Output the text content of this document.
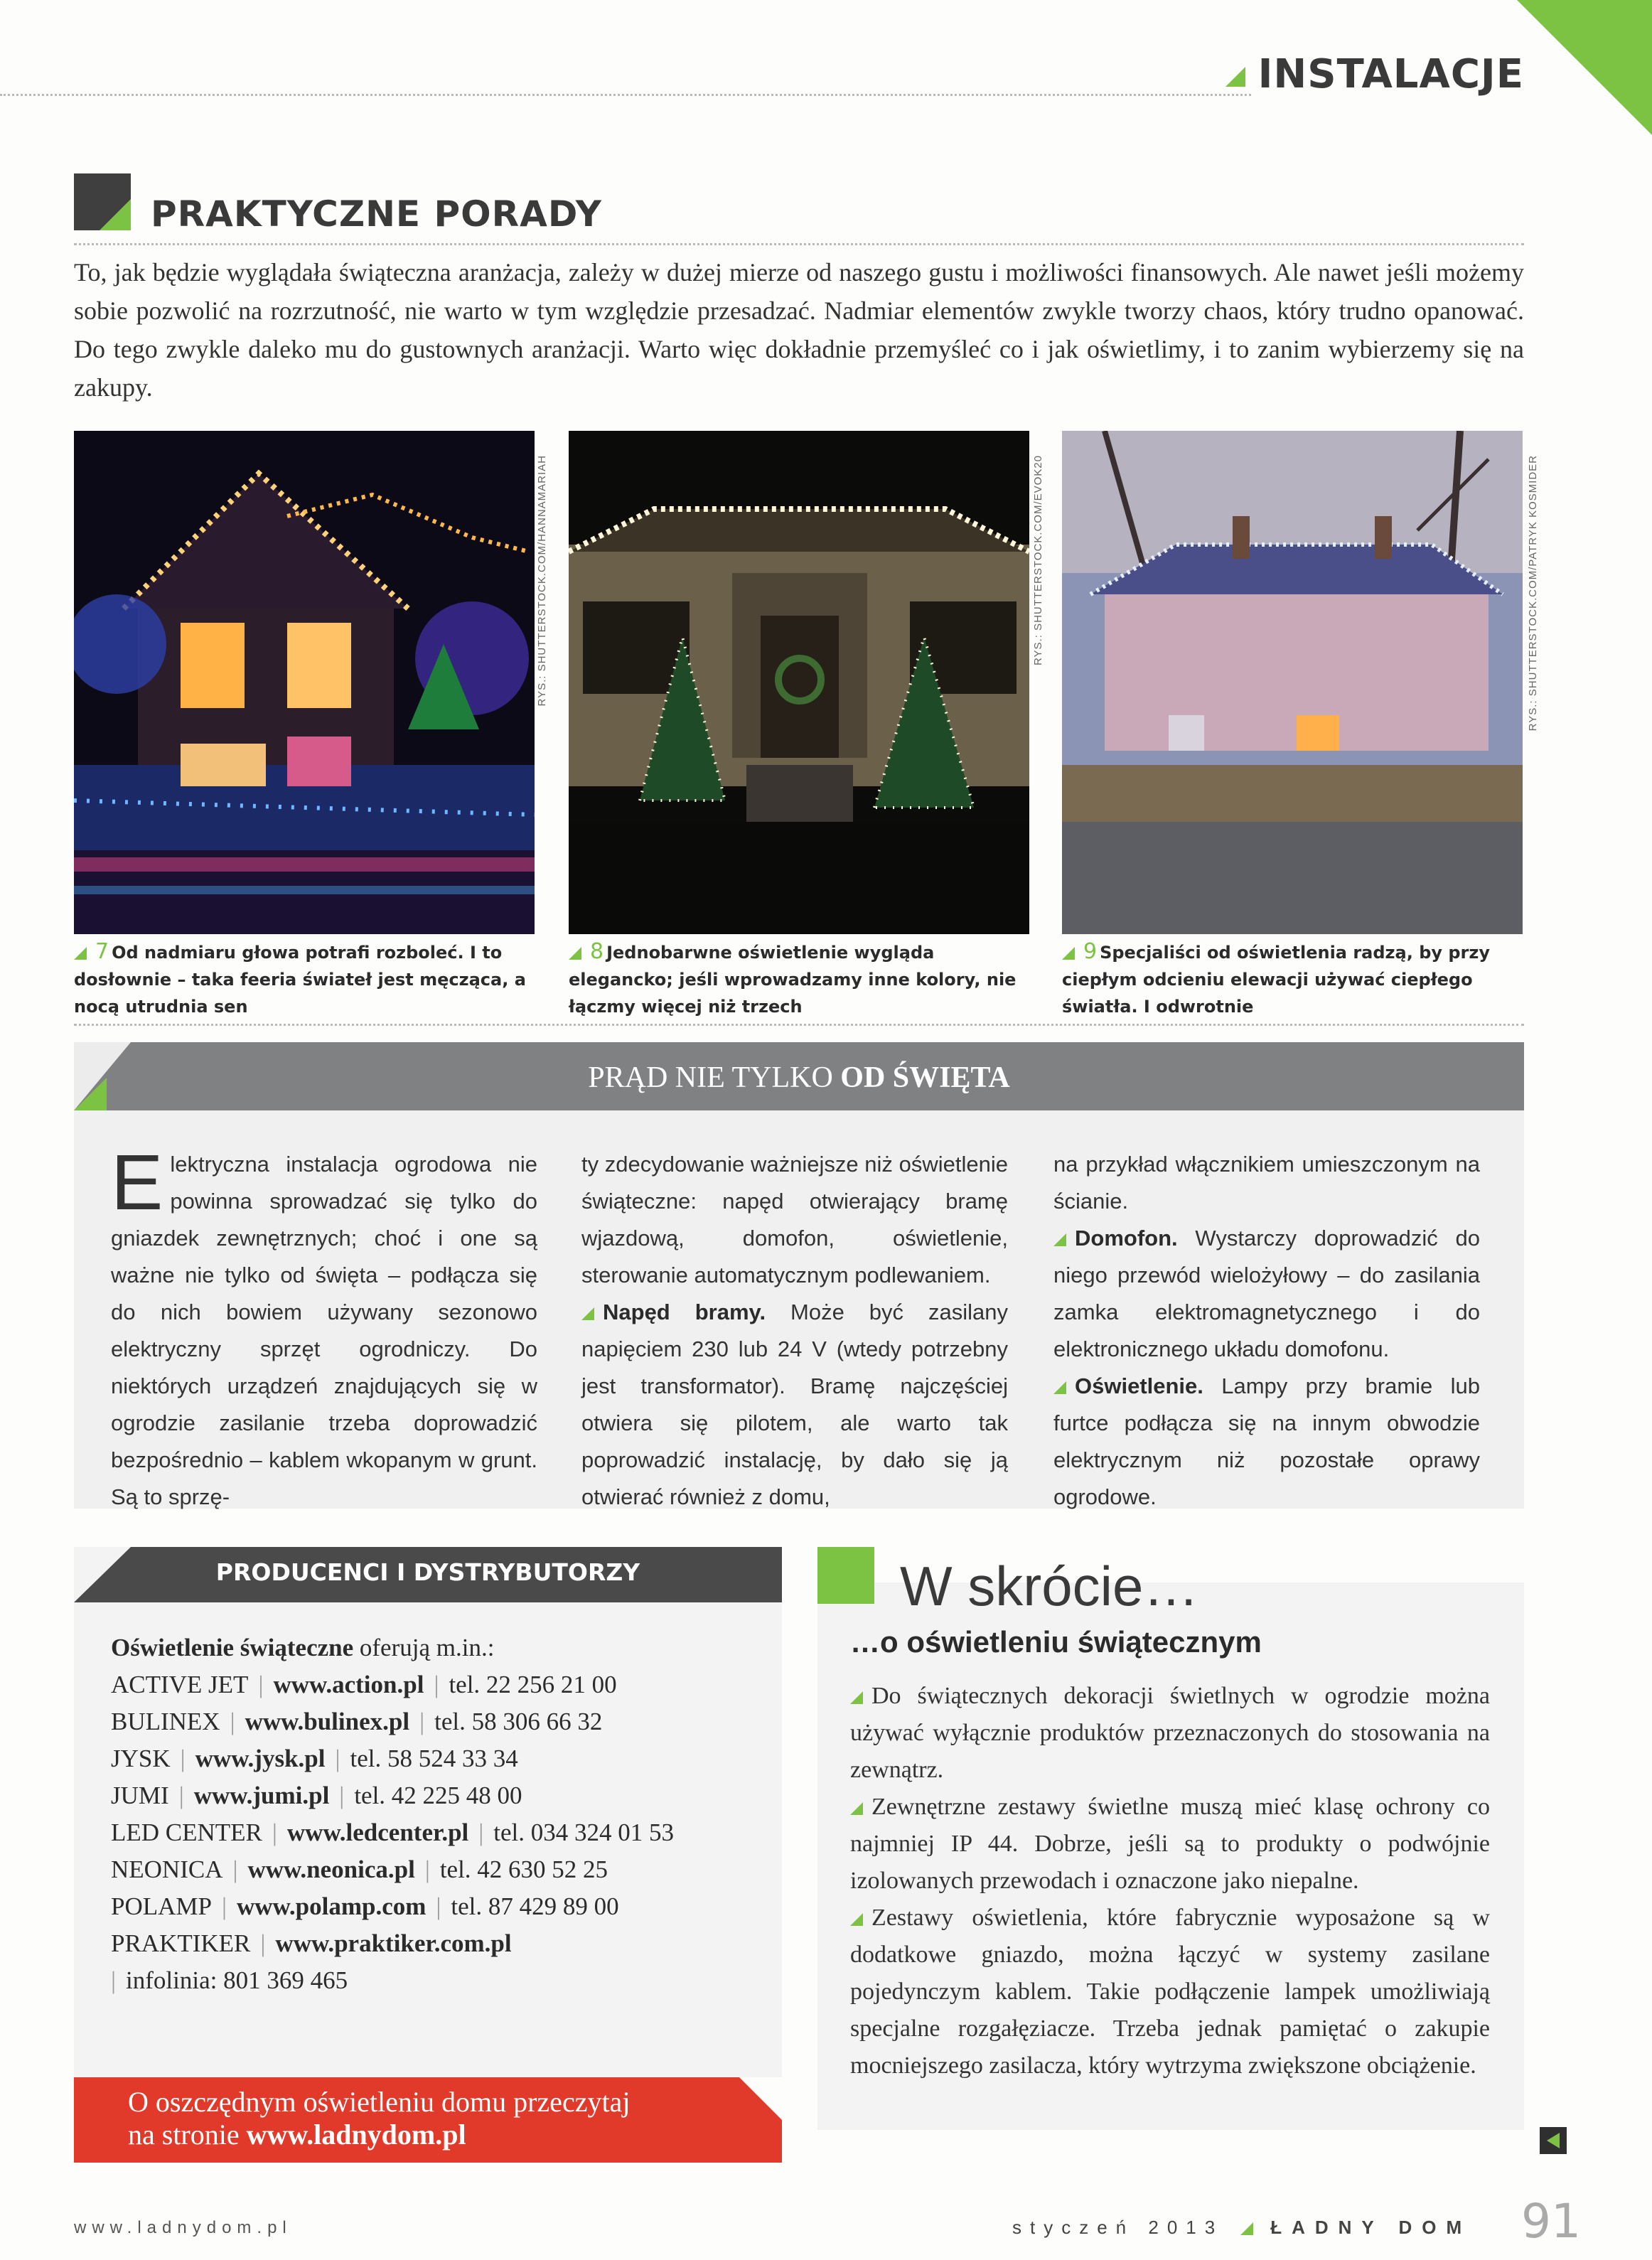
INSTALACJE
PRAKTYCZNE PORADY
To, jak będzie wyglądała świąteczna aranżacja, zależy w dużej mierze od naszego gustu i możliwości finansowych. Ale nawet jeśli możemy sobie pozwolić na rozrzutność, nie warto w tym względzie przesadzać. Nadmiar elementów zwykle tworzy chaos, który trudno opanować. Do tego zwykle daleko mu do gustownych aranżacji. Warto więc dokładnie przemyśleć co i jak oświetlimy, i to zanim wybierzemy się na zakupy.
RYS.: SHUTTERSTOCK.COM/HANNAMARIAH
7 Od nadmiaru głowa potrafi rozboleć. I to dosłownie – taka feeria świateł jest męcząca, a nocą utrudnia sen
RYS.: SHUTTERSTOCK.COM/EVOK20
8 Jednobarwne oświetlenie wygląda elegancko; jeśli wprowadzamy inne kolory, nie łączmy więcej niż trzech
RYS.: SHUTTERSTOCK.COM/PATRYK KOSMIDER
9 Specjaliści od oświetlenia radzą, by przy ciepłym odcieniu elewacji używać ciepłego światła. I odwrotnie
PRĄD NIE TYLKO OD ŚWIĘTA
Elektryczna instalacja ogrodowa nie powinna sprowadzać się tylko do gniazdek zewnętrznych; choć i one są ważne nie tylko od święta – podłącza się do nich bowiem używany sezonowo elektryczny sprzęt ogrodniczy. Do niektórych urządzeń znajdujących się w ogrodzie zasilanie trzeba doprowadzić bezpośrednio – kablem wkopanym w grunt. Są to sprzę-
ty zdecydowanie ważniejsze niż oświetlenie świąteczne: napęd otwierający bramę wjazdową, domofon, oświetlenie, sterowanie automatycznym podlewaniem.
Napęd bramy. Może być zasilany napięciem 230 lub 24 V (wtedy potrzebny jest transformator). Bramę najczęściej otwiera się pilotem, ale warto tak poprowadzić instalację, by dało się ją otwierać również z domu,
na przykład włącznikiem umieszczonym na ścianie.
Domofon. Wystarczy doprowadzić do niego przewód wielożyłowy – do zasilania zamka elektromagnetycznego i do elektronicznego układu domofonu.
Oświetlenie. Lampy przy bramie lub furtce podłącza się na innym obwodzie elektrycznym niż pozostałe oprawy ogrodowe.
PRODUCENCI I DYSTRYBUTORZY
Oświetlenie świąteczne oferują m.in.:
ACTIVE JET | www.action.pl | tel. 22 256 21 00
BULINEX | www.bulinex.pl | tel. 58 306 66 32
JYSK | www.jysk.pl | tel. 58 524 33 34
JUMI | www.jumi.pl | tel. 42 225 48 00
LED CENTER | www.ledcenter.pl | tel. 034 324 01 53
NEONICA | www.neonica.pl | tel. 42 630 52 25
POLAMP | www.polamp.com | tel. 87 429 89 00
PRAKTIKER | www.praktiker.com.pl
| infolinia: 801 369 465
O oszczędnym oświetleniu domu przeczytaj
na stronie www.ladnydom.pl
W skrócie…
…o oświetleniu świątecznym

Do świątecznych dekoracji świetlnych w ogrodzie można używać wyłącznie produktów przeznaczonych do stosowania na zewnątrz.

Zewnętrzne zestawy świetlne muszą mieć klasę ochrony co najmniej IP 44. Dobrze, jeśli są to produkty o podwójnie izolowanych przewodach i oznaczone jako niepalne.

Zestawy oświetlenia, które fabrycznie wyposażone są w dodatkowe gniazdo, można łączyć w systemy zasilane pojedynczym kablem. Takie podłączenie lampek umożliwiają specjalne rozgałęziacze. Trzeba jednak pamiętać o zakupie mocniejszego zasilacza, który wytrzyma zwiększone obciążenie.

www.ladnydom.pl	styczeń 2013	ŁADNY DOM 91
